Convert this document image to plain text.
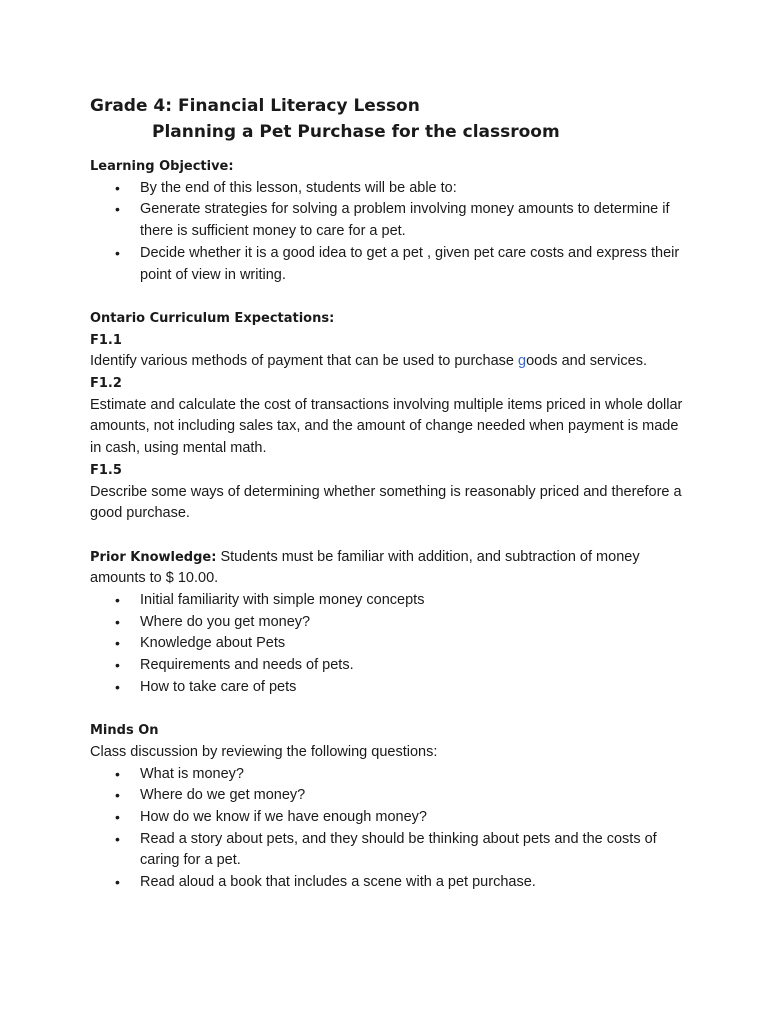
Grade 4: Financial Literacy Lesson
Planning a Pet Purchase for the classroom
Learning Objective:
• By the end of this lesson, students will be able to:
• Generate strategies for solving a problem involving money amounts to determine if there is sufficient money to care for a pet.
• Decide whether it is a good idea to get a pet , given pet care costs and express their point of view in writing.
Ontario Curriculum Expectations:
F1.1
Identify various methods of payment that can be used to purchase goods and services.
F1.2
Estimate and calculate the cost of transactions involving multiple items priced in whole dollar amounts, not including sales tax, and the amount of change needed when payment is made in cash, using mental math.
F1.5
Describe some ways of determining whether something is reasonably priced and therefore a good purchase.
Prior Knowledge: Students must be familiar with addition, and subtraction of money amounts to $ 10.00.
• Initial familiarity with simple money concepts
• Where do you get money?
• Knowledge about Pets
• Requirements and needs of pets.
• How to take care of pets
Minds On
Class discussion by reviewing the following questions:
• What is money?
• Where do we get money?
• How do we know if we have enough money?
• Read a story about pets, and they should be thinking about pets and the costs of caring for a pet.
• Read aloud a book that includes a scene with a pet purchase.
